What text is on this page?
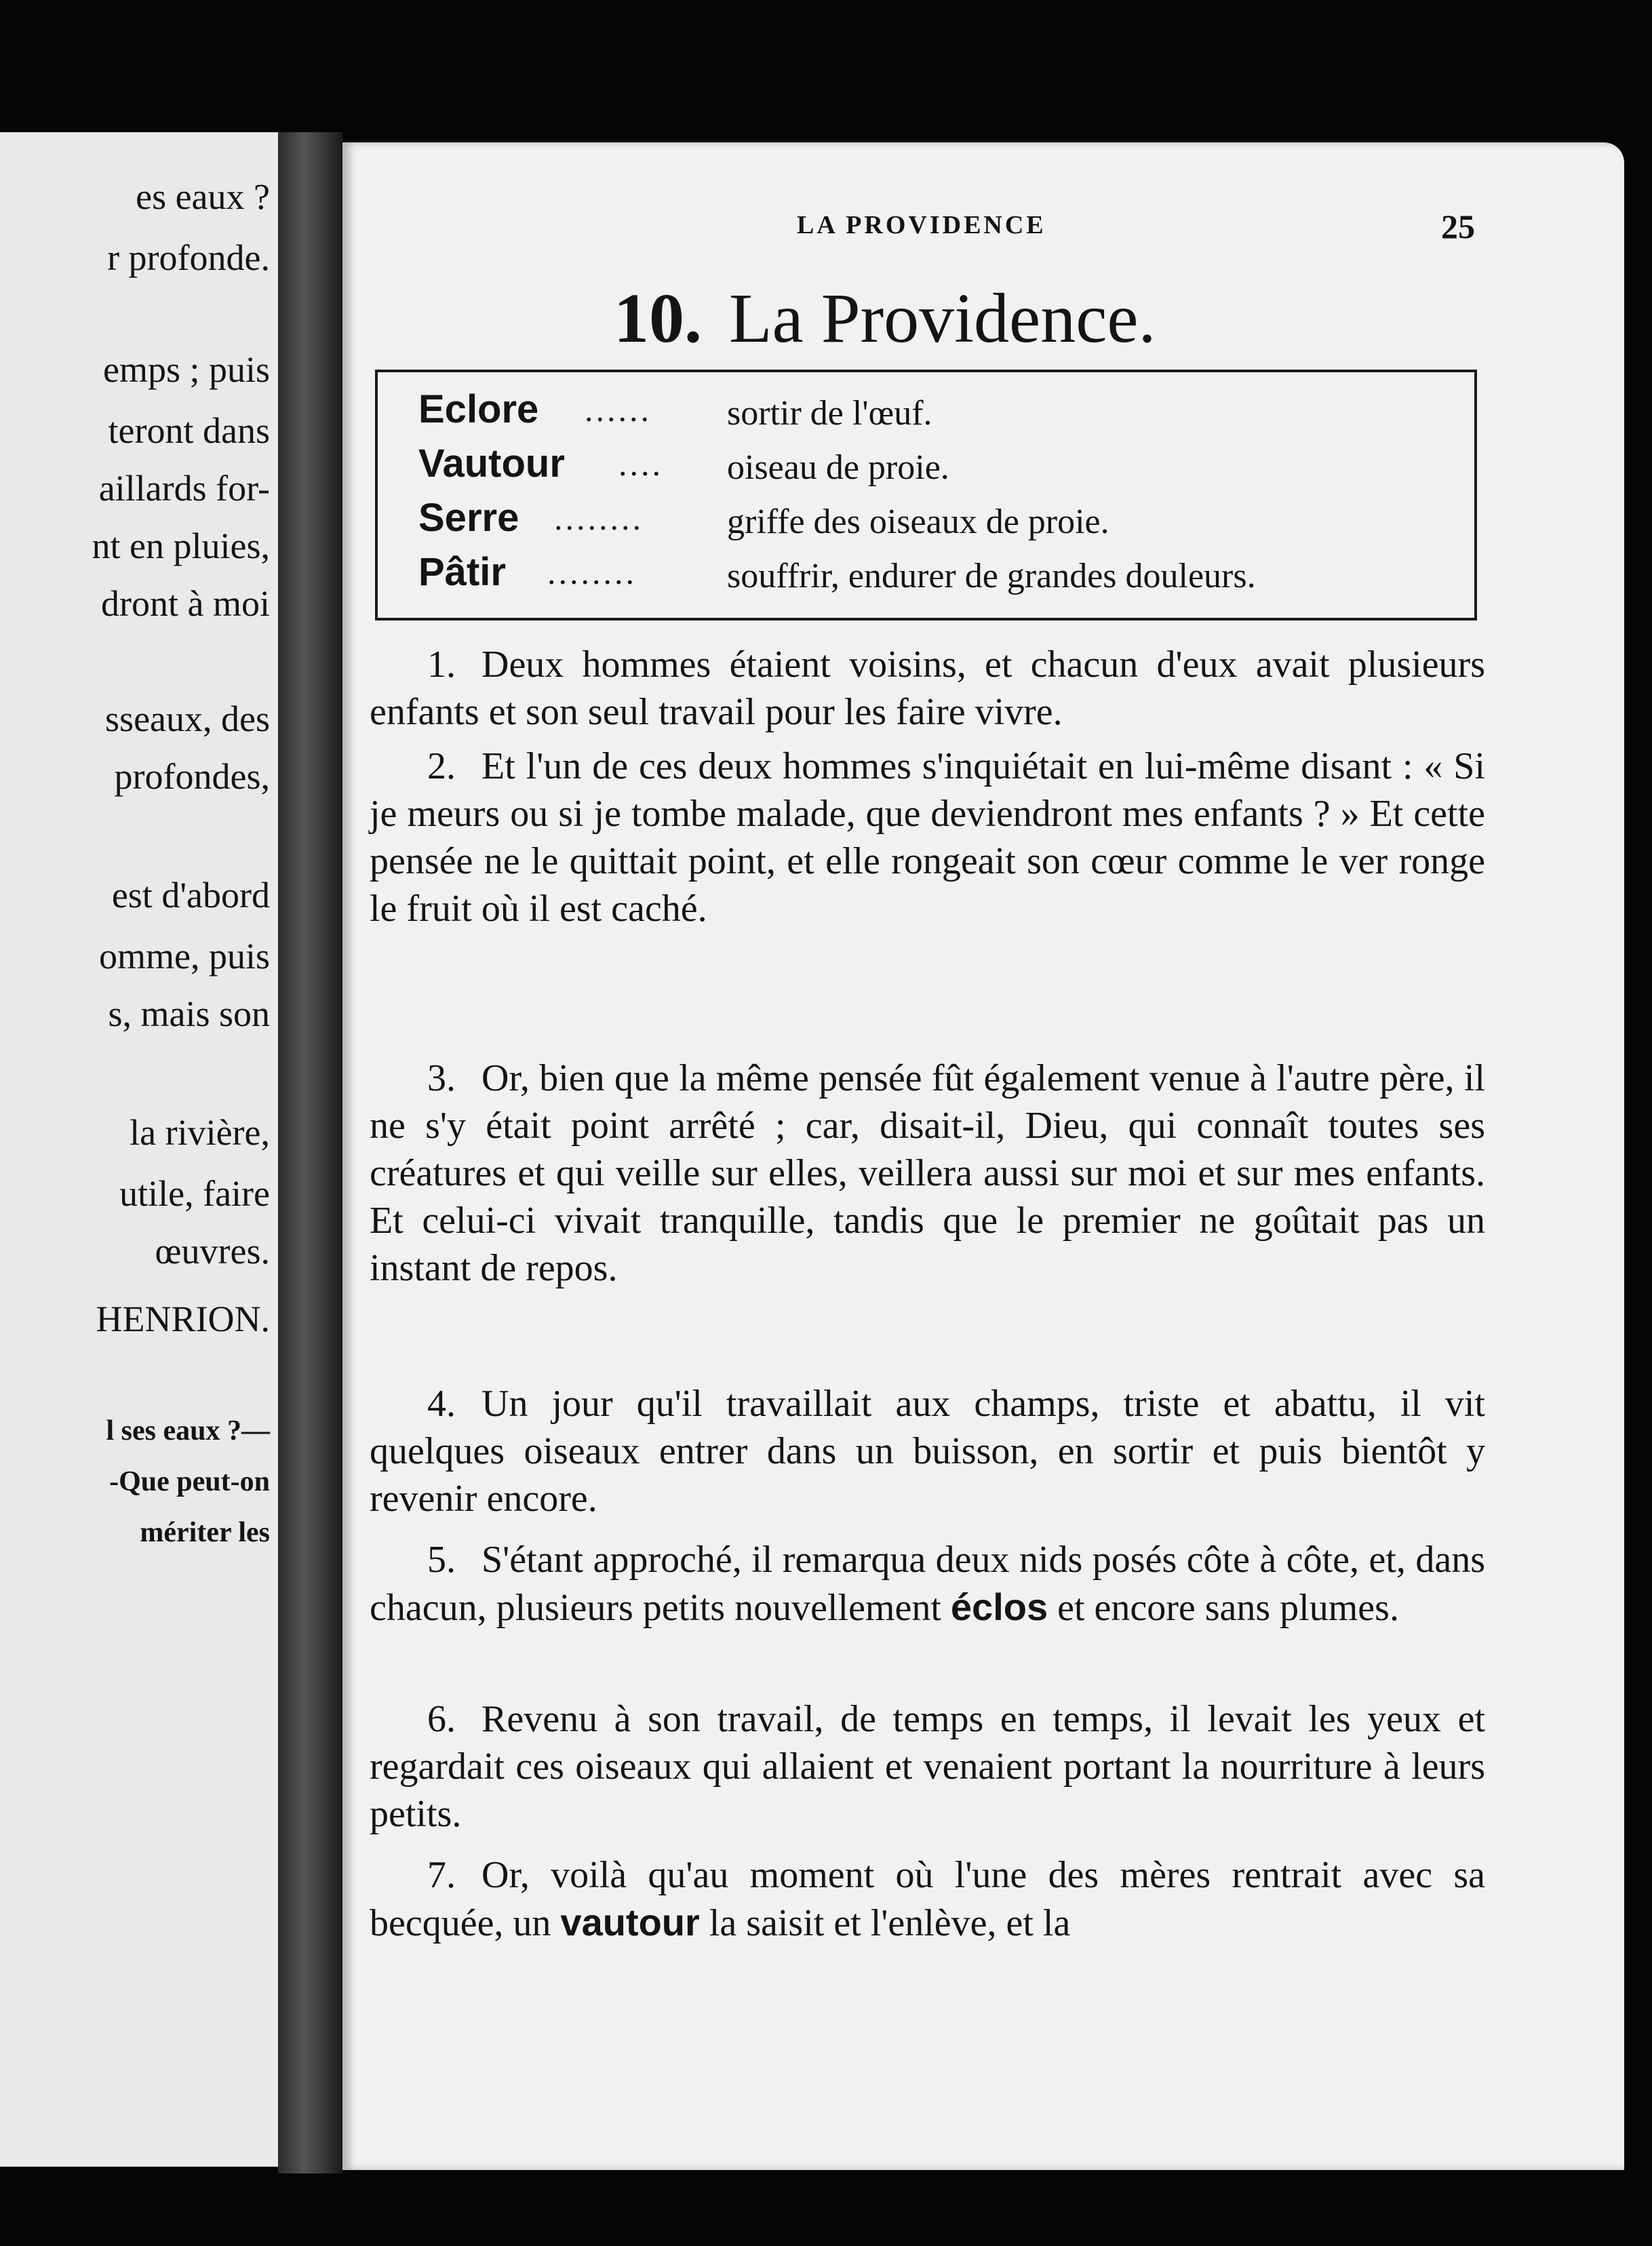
es eaux ?
r profonde.
emps ; puis
teront dans
aillards for-
nt en pluies,
dront à moi
sseaux, des
profondes,
est d'abord
omme, puis
s, mais son
la rivière,
utile, faire
œuvres.
HENRION.
l ses eaux ?—
-Que peut-on
mériter les
LA PROVIDENCE	25
10. La Providence.
Eclore ...... sortir de l'œuf.
Vautour .... oiseau de proie.
Serre ........ griffe des oiseaux de proie.
Pâtir ........	souffrir, endurer de grandes douleurs.

1. Deux hommes étaient voisins, et chacun d'eux avait plusieurs enfants et son seul travail pour les faire vivre.

2. Et l'un de ces deux hommes s'inquiétait en lui-même disant : « Si je meurs ou si je tombe malade, que deviendront mes enfants ? » Et cette pensée ne le quittait point, et elle rongeait son cœur comme le ver ronge le fruit où il est caché.

3. Or, bien que la même pensée fût également venue à l'autre père, il ne s'y était point arrêté ; car, disait-il, Dieu, qui connaît toutes ses créatures et qui veille sur elles, veillera aussi sur moi et sur mes enfants. Et celui-ci vivait tranquille, tandis que le premier ne goûtait pas un instant de repos.

4. Un jour qu'il travaillait aux champs, triste et abattu, il vit quelques oiseaux entrer dans un buisson, en sortir et puis bientôt y revenir encore.

5. S'étant approché, il remarqua deux nids posés côte à côte, et, dans chacun, plusieurs petits nouvellement éclos et encore sans plumes.

6. Revenu à son travail, de temps en temps, il levait les yeux et regardait ces oiseaux qui allaient et venaient portant la nourriture à leurs petits.

7. Or, voilà qu'au moment où l'une des mères rentrait avec sa becquée, un vautour la saisit et l'enlève, et la
